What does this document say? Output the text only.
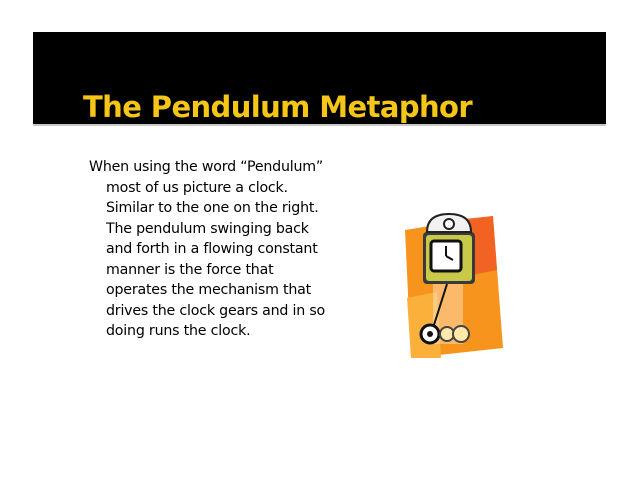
The Pendulum Metaphor

When using the word “Pendulum” most of us picture a clock. Similar to the one on the right. The pendulum swinging back and forth in a flowing constant manner is the force that operates the mechanism that drives the clock gears and in so doing runs the clock.
